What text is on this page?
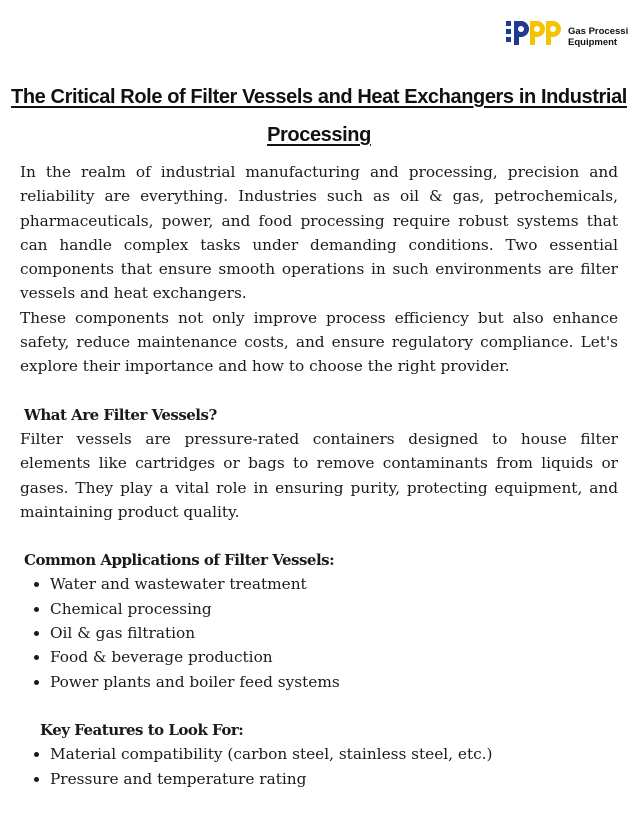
Gas Processi
Equipment
The Critical Role of Filter Vessels and Heat Exchangers in Industrial Processing

In the realm of industrial manufacturing and processing, precision and reliability are everything. Industries such as oil & gas, petrochemicals, pharmaceuticals, power, and food processing require robust systems that can handle complex tasks under demanding conditions. Two essential components that ensure smooth operations in such environments are filter vessels and heat exchangers.

These components not only improve process efficiency but also enhance safety, reduce maintenance costs, and ensure regulatory compliance. Let's explore their importance and how to choose the right provider.

What Are Filter Vessels?

Filter vessels are pressure-rated containers designed to house filter elements like cartridges or bags to remove contaminants from liquids or gases. They play a vital role in ensuring purity, protecting equipment, and maintaining product quality.

Common Applications of Filter Vessels:
Water and wastewater treatment
Chemical processing
Oil & gas filtration
Food & beverage production
Power plants and boiler feed systems
Key Features to Look For:
Material compatibility (carbon steel, stainless steel, etc.)
Pressure and temperature rating
